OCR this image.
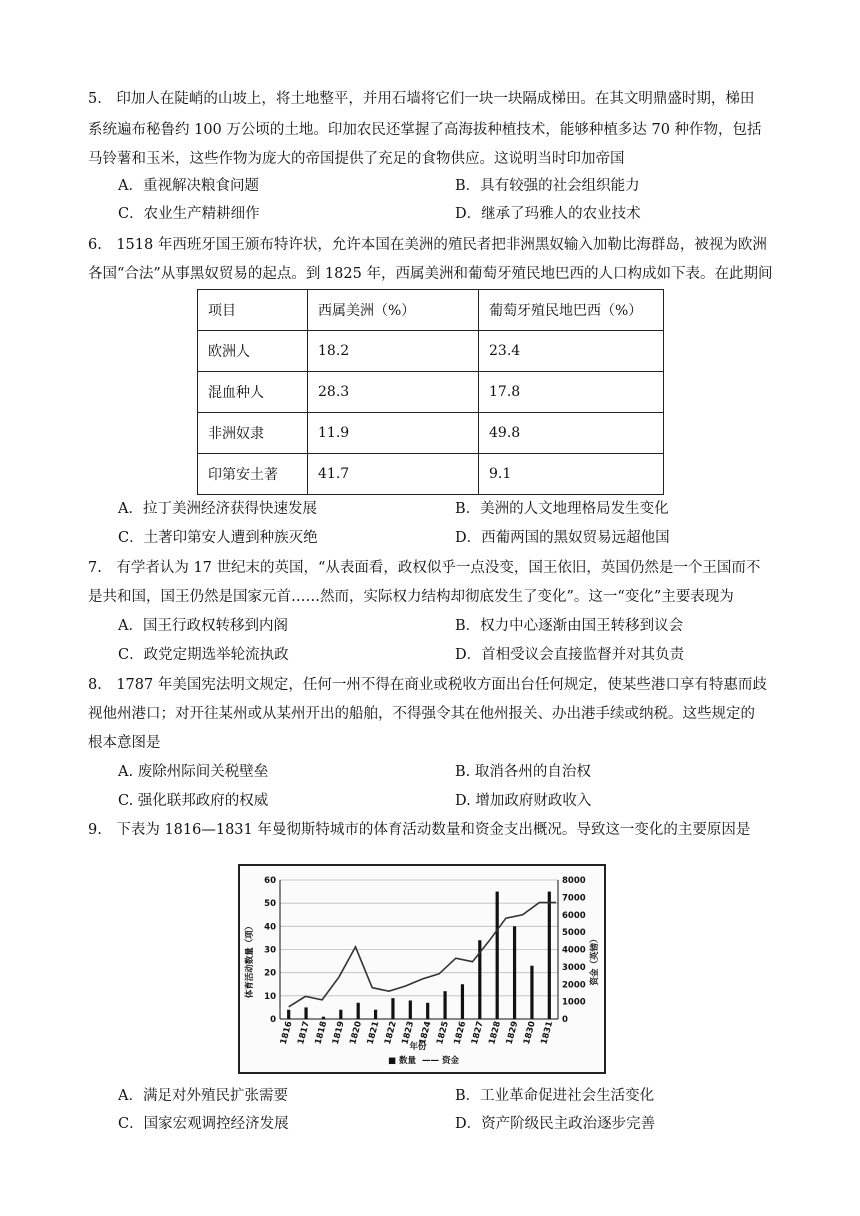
5.　印加人在陡峭的山坡上，将土地整平，并用石墙将它们一块一块隔成梯田。在其文明鼎盛时期，梯田
系统遍布秘鲁约 100 万公顷的土地。印加农民还掌握了高海拔种植技术，能够种植多达 70 种作物，包括
马铃薯和玉米，这些作物为庞大的帝国提供了充足的食物供应。这说明当时印加帝国
A．重视解决粮食问题	B．具有较强的社会组织能力
C．农业生产精耕细作	D．继承了玛雅人的农业技术
6.　1518 年西班牙国王颁布特许状，允许本国在美洲的殖民者把非洲黑奴输入加勒比海群岛，被视为欧洲
各国“合法”从事黑奴贸易的起点。到 1825 年，西属美洲和葡萄牙殖民地巴西的人口构成如下表。在此期间
项目	西属美洲（%）	葡萄牙殖民地巴西（%）
欧洲人	18.2	23.4
混血种人	28.3	17.8
非洲奴隶	11.9	49.8
印第安土著	41.7	9.1
A．拉丁美洲经济获得快速发展	B．美洲的人文地理格局发生变化
C．土著印第安人遭到种族灭绝	D．西葡两国的黑奴贸易远超他国
7.　有学者认为 17 世纪末的英国，“从表面看，政权似乎一点没变，国王依旧，英国仍然是一个王国而不
是共和国，国王仍然是国家元首……然而，实际权力结构却彻底发生了变化”。这一“变化”主要表现为
A．国王行政权转移到内阁	B．权力中心逐渐由国王转移到议会
C．政党定期选举轮流执政	D．首相受议会直接监督并对其负责
8.　1787 年美国宪法明文规定，任何一州不得在商业或税收方面出台任何规定，使某些港口享有特惠而歧
视他州港口；对开往某州或从某州开出的船舶，不得强令其在他州报关、办出港手续或纳税。这些规定的
根本意图是
A. 废除州际间关税壁垒	B. 取消各州的自治权
C. 强化联邦政府的权威	D. 增加政府财政收入
9.　下表为 1816—1831 年曼彻斯特城市的体育活动数量和资金支出概况。导致这一变化的主要原因是
0
10
20
30
40
50
60
0
1000
2000
3000
4000
5000
6000
7000
8000
1816 1817 1818 1819 1820 1821 1822 1823 1824 1825 1826 1827 1828 1829 1830 1831
体育活动数量（项）	资金（英镑）
年份
■ 数量 —— 资金
A．满足对外殖民扩张需要	B．工业革命促进社会生活变化
C．国家宏观调控经济发展	D．资产阶级民主政治逐步完善
